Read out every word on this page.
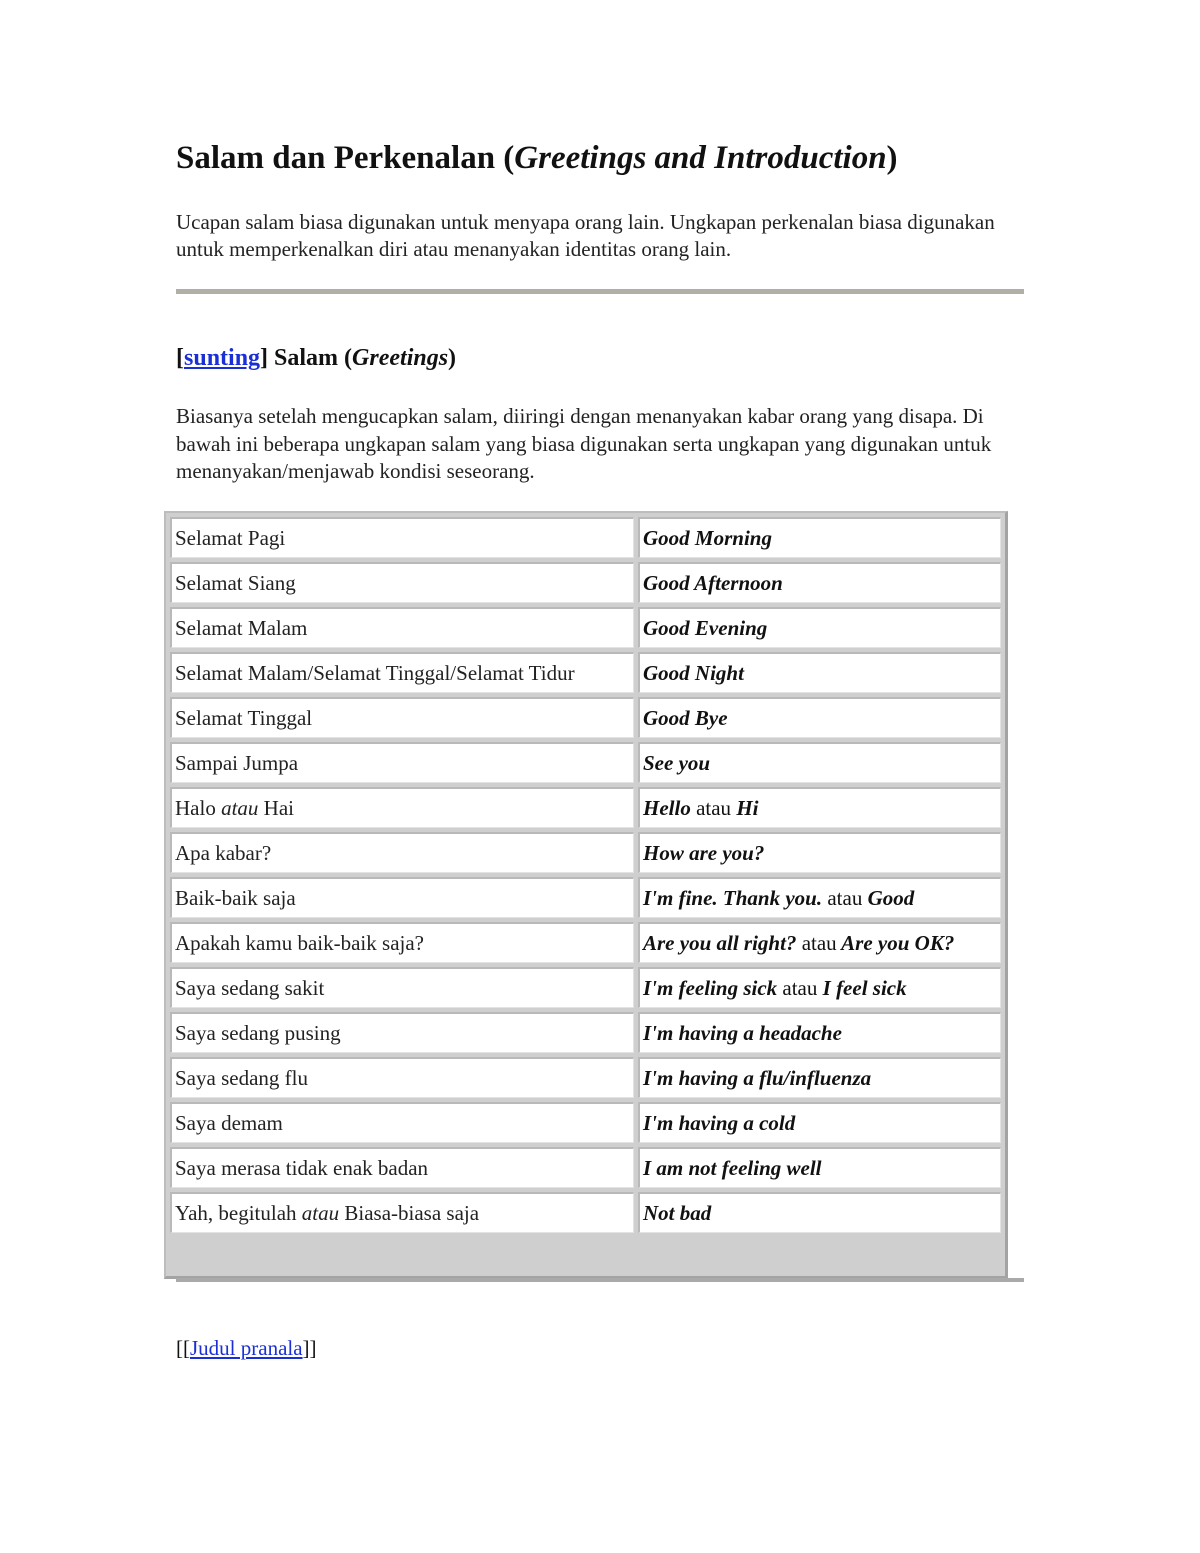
Salam dan Perkenalan (Greetings and Introduction)

Ucapan salam biasa digunakan untuk menyapa orang lain. Ungkapan perkenalan biasa digunakan untuk memperkenalkan diri atau menanyakan identitas orang lain.

[sunting] Salam (Greetings)

Biasanya setelah mengucapkan salam, diiringi dengan menanyakan kabar orang yang disapa. Di bawah ini beberapa ungkapan salam yang biasa digunakan serta ungkapan yang digunakan untuk menanyakan/menjawab kondisi seseorang.

Selamat Pagi	Good Morning
Selamat Siang	Good Afternoon
Selamat Malam	Good Evening
Selamat Malam/Selamat Tinggal/Selamat Tidur	Good Night
Selamat Tinggal	Good Bye
Sampai Jumpa	See you
Halo atau Hai	Hello atau Hi
Apa kabar?	How are you?
Baik-baik saja	I'm fine. Thank you. atau Good
Apakah kamu baik-baik saja?	Are you all right? atau Are you OK?
Saya sedang sakit	I'm feeling sick atau I feel sick
Saya sedang pusing	I'm having a headache
Saya sedang flu	I'm having a flu/influenza
Saya demam	I'm having a cold
Saya merasa tidak enak badan	I am not feeling well
Yah, begitulah atau Biasa-biasa saja	Not bad

[[Judul pranala]]
